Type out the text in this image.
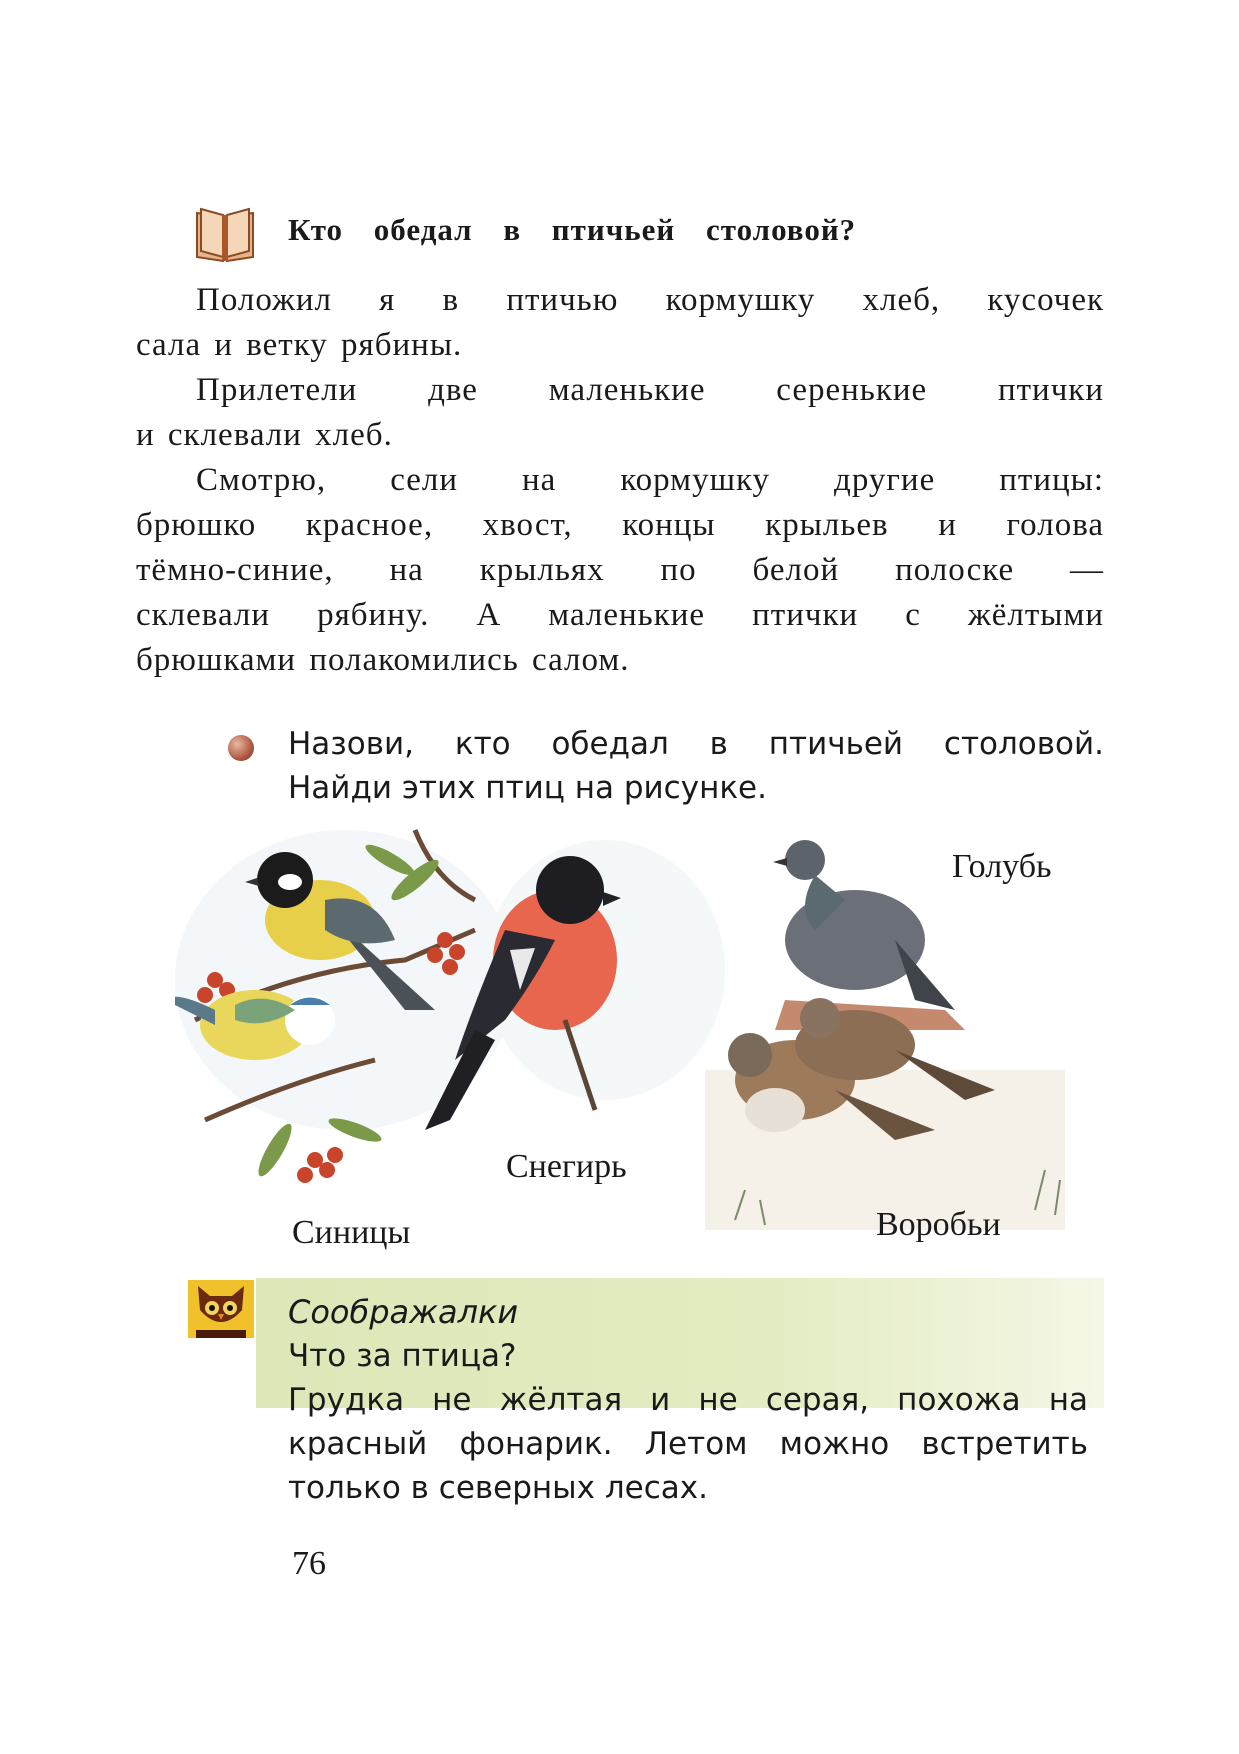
Кто обедал в птичьей столовой?

Положил я в птичью кормушку хлеб, кусочек
сала и ветку рябины.

Прилетели две маленькие серенькие птички
и склевали хлеб.

Смотрю, сели на кормушку другие птицы:
брюшко красное, хвост, концы крыльев и голова
тёмно-синие, на крыльях по белой полоске —
склевали рябину. А маленькие птички с жёлтыми
брюшками полакомились салом.

Назови, кто обедал в птичьей столовой.
Найди этих птиц на рисунке.
Голубь
Снегирь
Синицы	Воробьи
Соображалки
Что за птица?
Грудка не жёлтая и не серая, похожа на
красный фонарик. Летом можно встретить
только в северных лесах.
76
